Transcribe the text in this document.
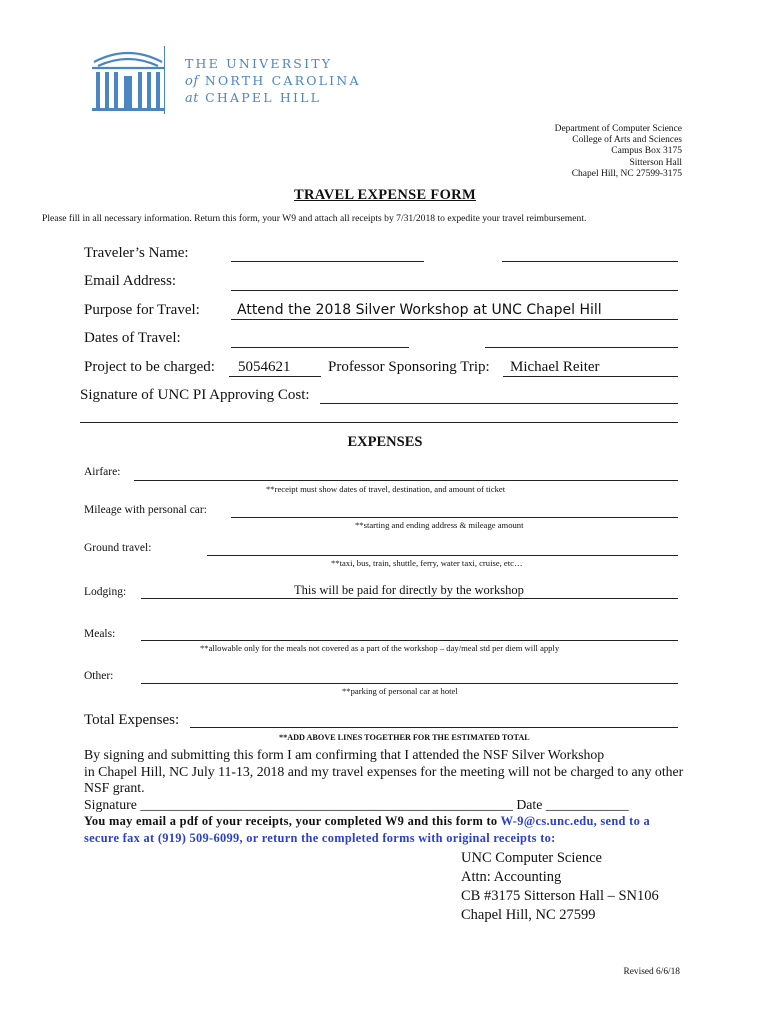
THE UNIVERSITY
of NORTH CAROLINA
at CHAPEL HILL
Department of Computer Science
College of Arts and Sciences
Campus Box 3175
Sitterson Hall
Chapel Hill, NC 27599-3175
TRAVEL EXPENSE FORM
Please fill in all necessary information. Return this form, your W9 and attach all receipts by 7/31/2018 to expedite your travel reimbursement.
Traveler’s Name:
Email Address:
Purpose for Travel:	Attend the 2018 Silver Workshop at UNC Chapel Hill
Dates of Travel:
Project to be charged: 5054621	Professor Sponsoring Trip: Michael Reiter
Signature of UNC PI Approving Cost:
EXPENSES
Airfare:
**receipt must show dates of travel, destination, and amount of ticket
Mileage with personal car:
**starting and ending address & mileage amount
Ground travel:
**taxi, bus, train, shuttle, ferry, water taxi, cruise, etc…
Lodging:	This will be paid for directly by the workshop
Meals:
**allowable only for the meals not covered as a part of the workshop – day/meal std per diem will apply
Other:
**parking of personal car at hotel
Total Expenses:
**ADD ABOVE LINES TOGETHER FOR THE ESTIMATED TOTAL
By signing and submitting this form I am confirming that I attended the NSF Silver Workshop
in Chapel Hill, NC July 11-13, 2018 and my travel expenses for the meeting will not be charged to any other
NSF grant.
Signature ______________________________________________________ Date ____________
You may email a pdf of your receipts, your completed W9 and this form to W-9@cs.unc.edu, send to a
secure fax at (919) 509-6099, or return the completed forms with original receipts to:
UNC Computer Science
Attn: Accounting
CB #3175 Sitterson Hall – SN106
Chapel Hill, NC 27599
Revised 6/6/18
